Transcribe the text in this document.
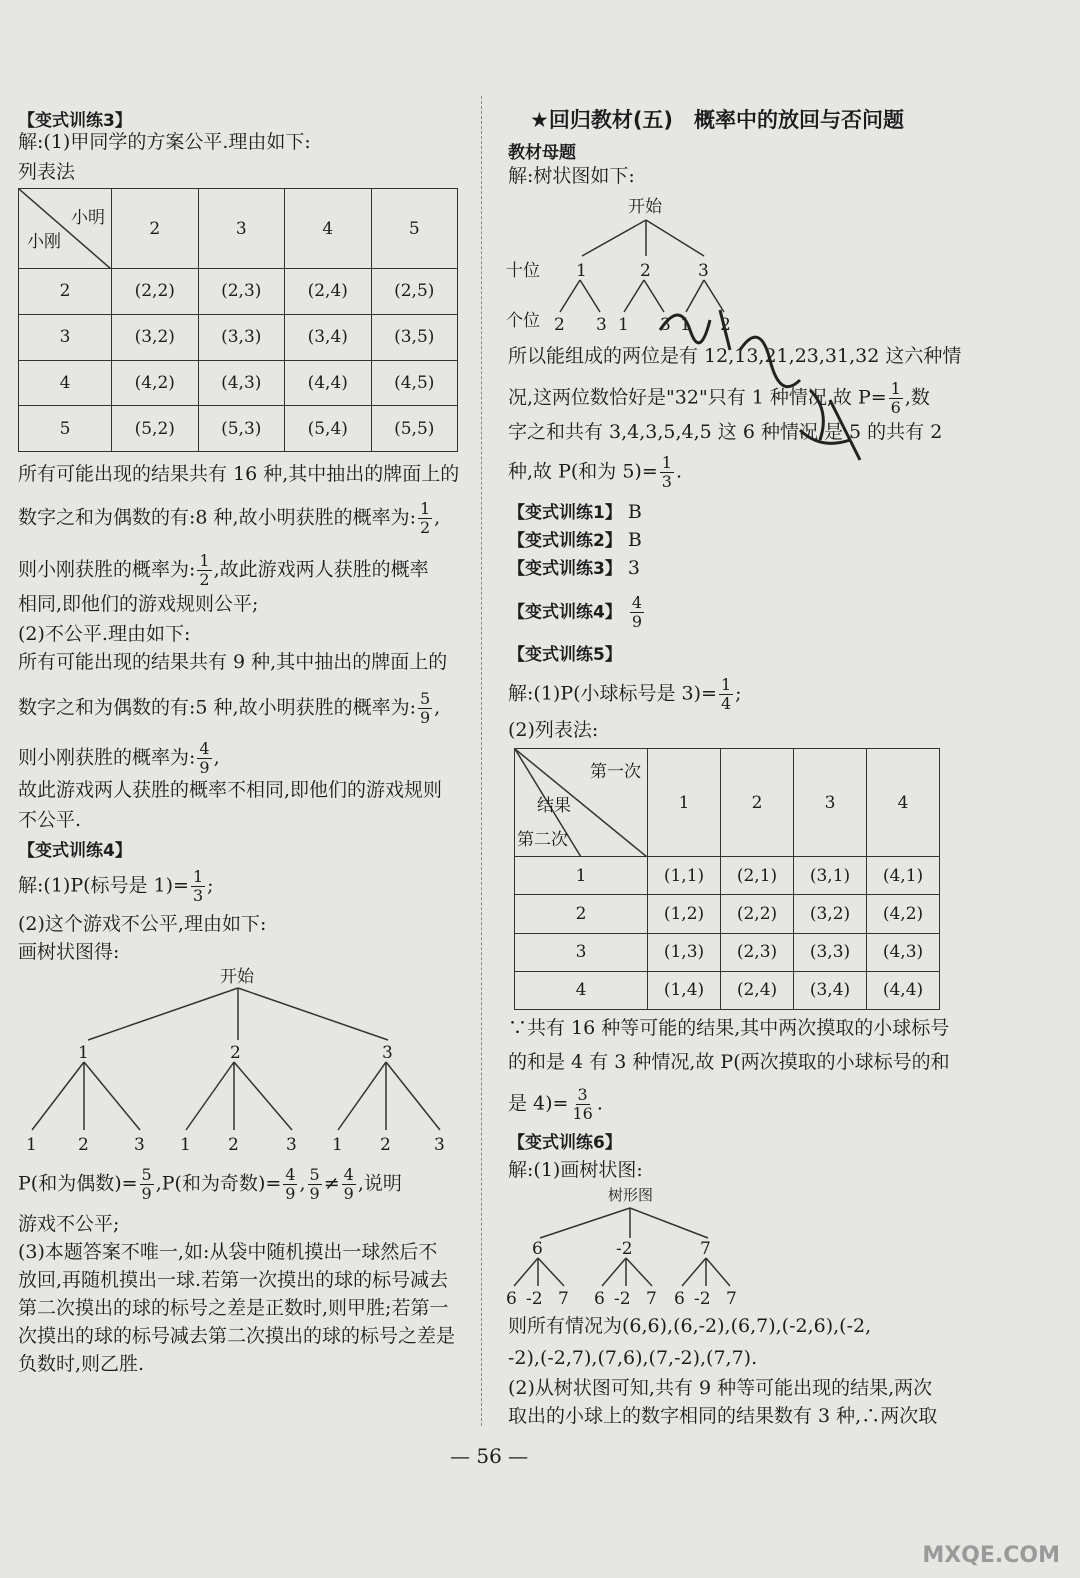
【变式训练3】
解:(1)甲同学的方案公平.理由如下:
列表法
小明
小刚	2	3	4	5
2	(2,2)	(2,3)	(2,4)	(2,5)
3	(3,2)	(3,3)	(3,4)	(3,5)
4	(4,2)	(4,3)	(4,4)	(4,5)
5	(5,2)	(5,3)	(5,4)	(5,5)
所有可能出现的结果共有 16 种,其中抽出的牌面上的
数字之和为偶数的有:8 种,故小明获胜的概率为: $\frac{1}{2}$ ,
则小刚获胜的概率为: $\frac{1}{2}$ ,故此游戏两人获胜的概率
相同,即他们的游戏规则公平;
(2)不公平.理由如下:
所有可能出现的结果共有 9 种,其中抽出的牌面上的
数字之和为偶数的有:5 种,故小明获胜的概率为: $\frac{5}{9}$ ,
则小刚获胜的概率为: $\frac{4}{9}$ ,
故此游戏两人获胜的概率不相同,即他们的游戏规则
不公平.
【变式训练4】
解:(1)P(标号是 $1)= \frac{1}{3}$ ;
(2)这个游戏不公平,理由如下:
画树状图得:
开始
1	2	3
1 2	3 1 2	3 1 2	3
P(和为偶数)= $\frac{5}{9} ,P$(和为奇数)= $\frac{4}{9}$ , $\frac{5}{9} \ne \frac{4}{9}$ ,说明
游戏不公平;
(3)本题答案不唯一,如:从袋中随机摸出一球然后不
放回,再随机摸出一球.若第一次摸出的球的标号减去
第二次摸出的球的标号之差是正数时,则甲胜;若第一
次摸出的球的标号减去第二次摸出的球的标号之差是
负数时,则乙胜.
★回归教材(五)　概率中的放回与否问题
教材母题
解:树状图如下:
开始
十位
个位
1	2	3
2 3 1 3 1 2
所以能组成的两位是有 12,13,21,23,31,32 这六种情
况,这两位数恰好是"32"只有 1 种情况,故 $P= \frac{1}{6}$ ,数
字之和共有 3,4,3,5,4,5 这 6 种情况,是 5 的共有 2
种,故 P(和为 $5)= \frac{1}{3}$ .
【变式训练1】 B
【变式训练2】 B
【变式训练3】 3
【变式训练4】 $\frac{4}{9}$
【变式训练5】
解:(1)P(小球标号是 $3)= \frac{1}{4}$ ;
(2)列表法:
第一次
结果
第二次	1	2	3	4
1	(1,1)	(2,1)	(3,1)	(4,1)
2	(1,2)	(2,2)	(3,2)	(4,2)
3	(1,3)	(2,3)	(3,3)	(4,3)
4	(1,4)	(2,4)	(3,4)	(4,4)
∵共有 16 种等可能的结果,其中两次摸取的小球标号
的和是 4 有 3 种情况,故 P(两次摸取的小球标号的和
是 $4)= \frac{3}{16}$ .
【变式训练6】
解:(1)画树状图:
树形图
6	-2	7
6 -2 7 6 -2 7 6 -2 7
则所有情况为(6,6),(6,-2),(6,7),(-2,6),(-2,
-2),(-2,7),(7,6),(7,-2),(7,7).
(2)从树状图可知,共有 9 种等可能出现的结果,两次
取出的小球上的数字相同的结果数有 3 种,∴两次取
— 56 —
MXQE.COM
